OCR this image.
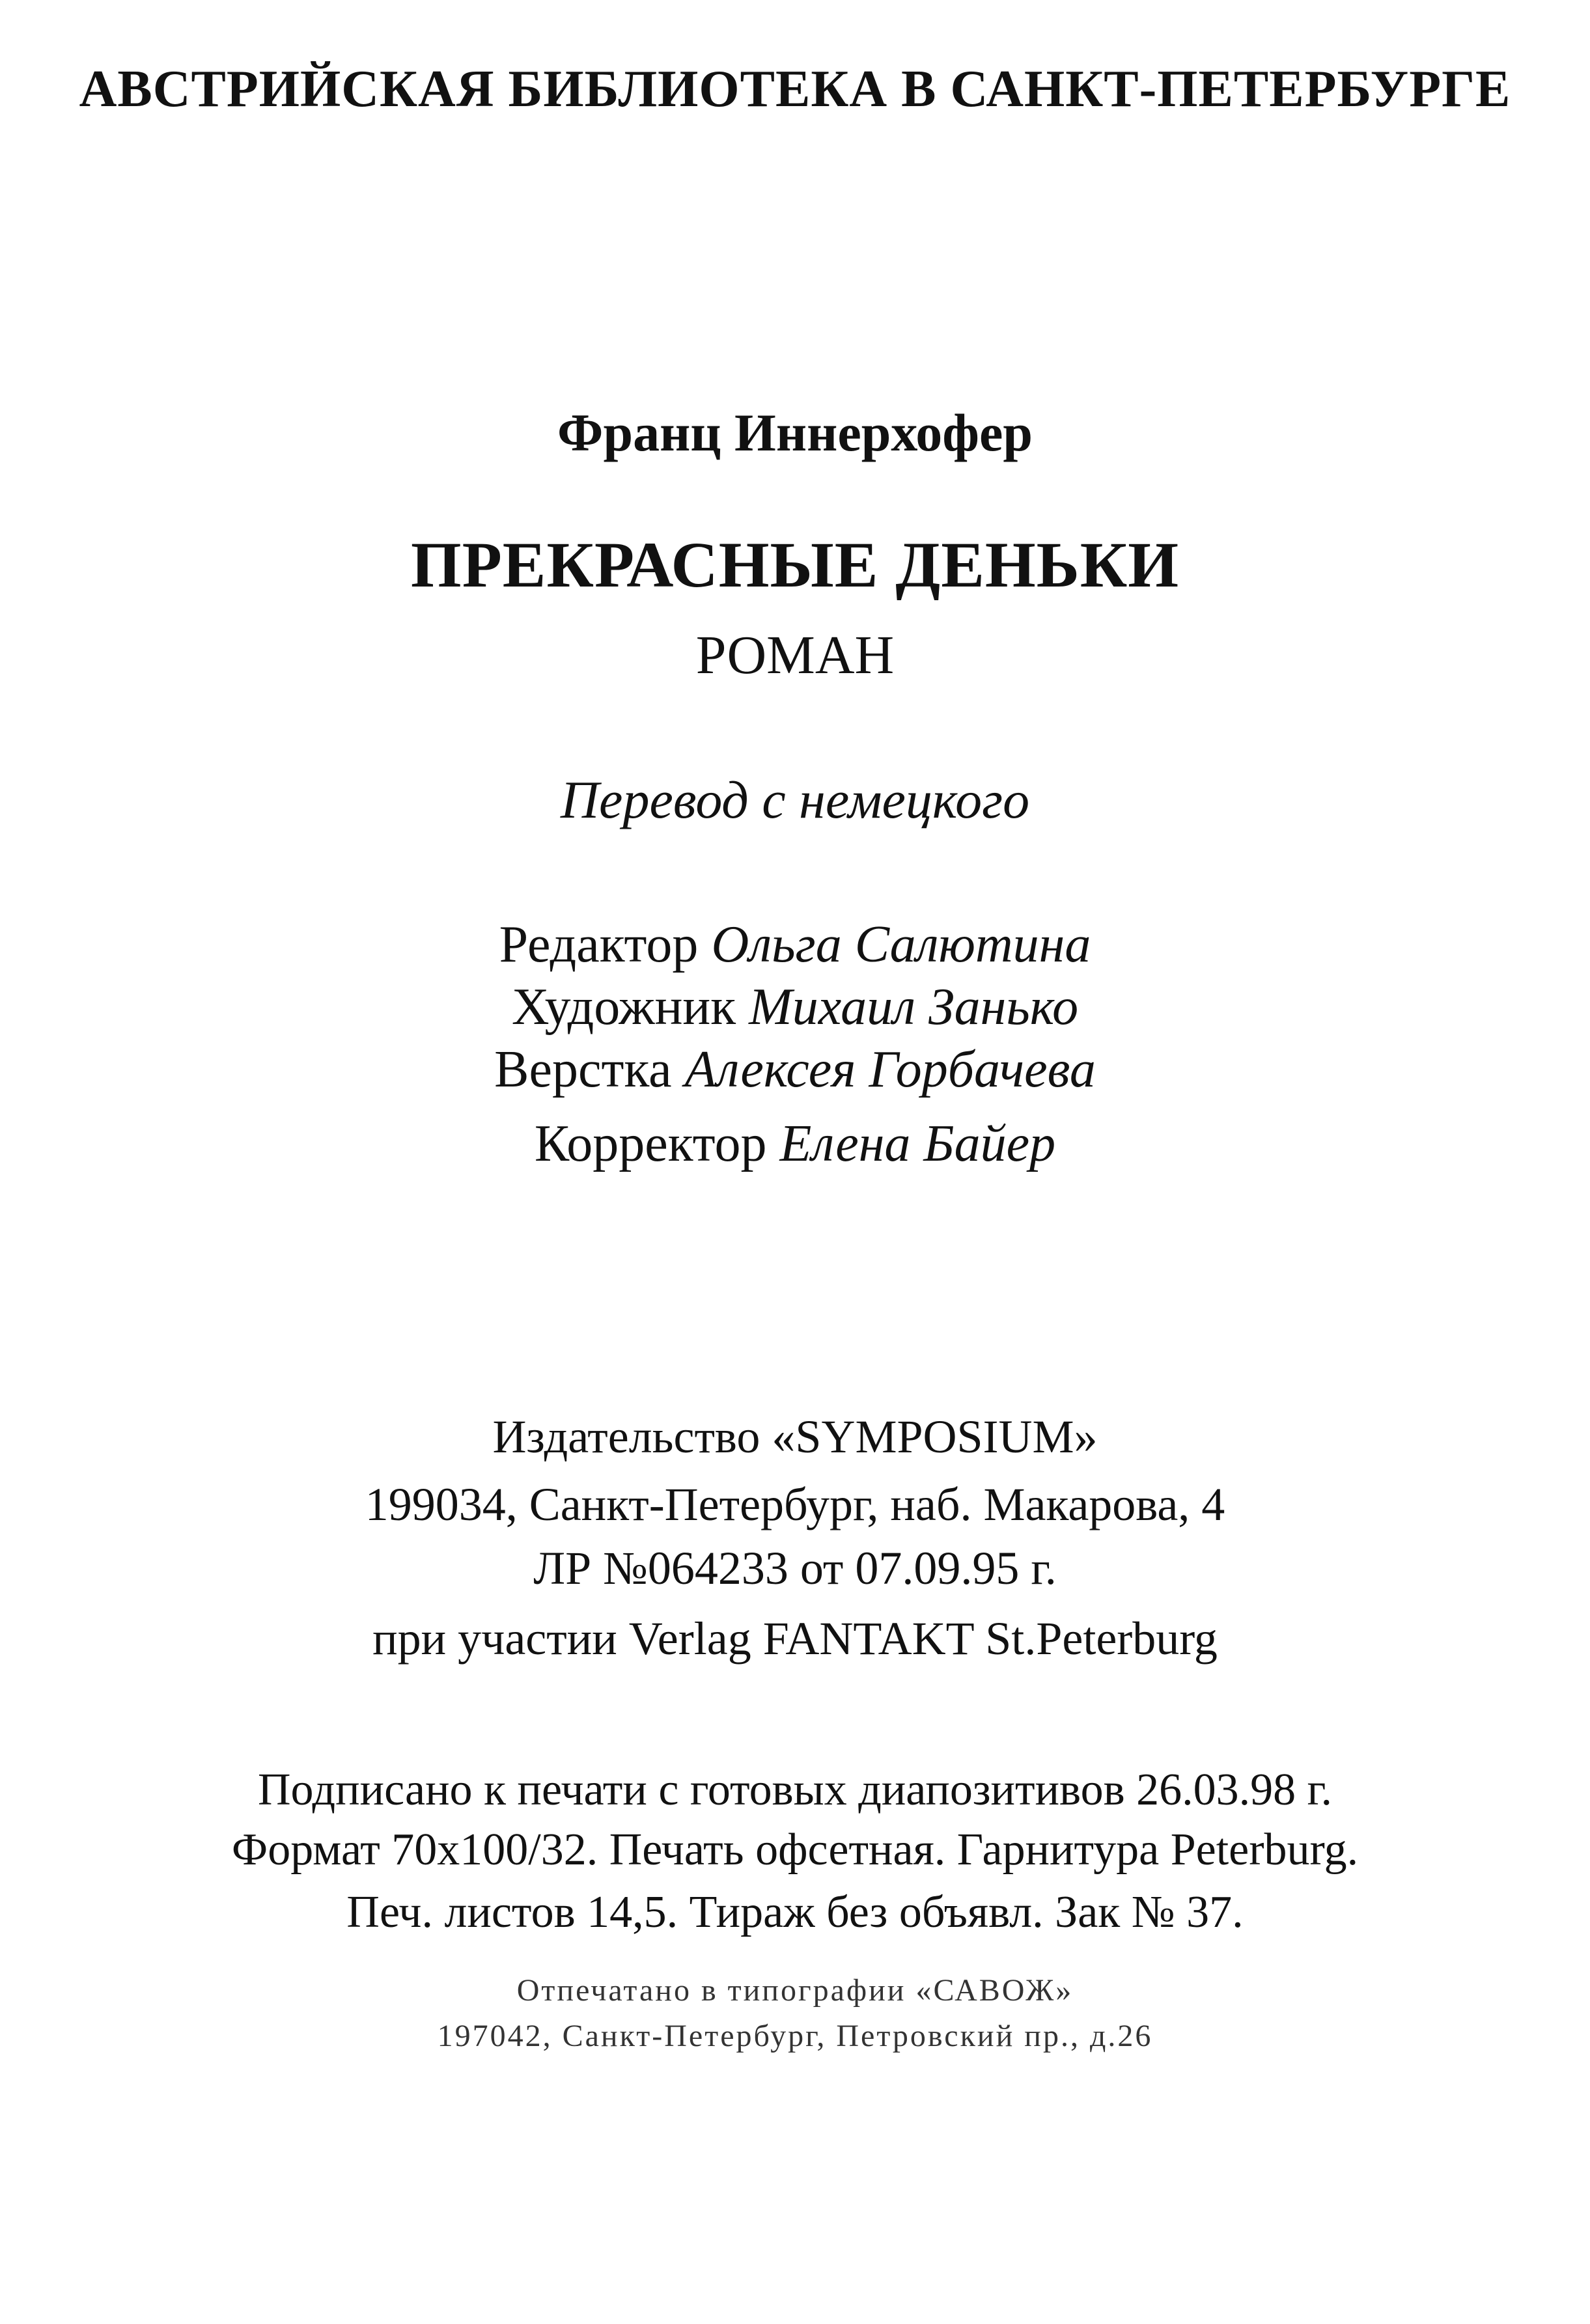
АВСТРИЙСКАЯ БИБЛИОТЕКА В САНКТ-ПЕТЕРБУРГЕ
Франц Иннерхофер
ПРЕКРАСНЫЕ ДЕНЬКИ
РОМАН
Перевод с немецкого
Редактор Ольга Салютина
Художник Михаил Занько
Верстка Алексея Горбачева
Корректор Елена Байер
Издательство «SYMPOSIUM»
199034, Санкт-Петербург, наб. Макарова, 4
ЛР №064233 от 07.09.95 г.
при участии Verlag FANTAKT St.Peterburg
Подписано к печати с готовых диапозитивов 26.03.98 г.
Формат 70x100/32. Печать офсетная. Гарнитура Peterburg.
Печ. листов 14,5. Тираж без объявл. Зак № 37.
Отпечатано в типографии «САВОЖ»
197042, Санкт-Петербург, Петровский пр., д.26
